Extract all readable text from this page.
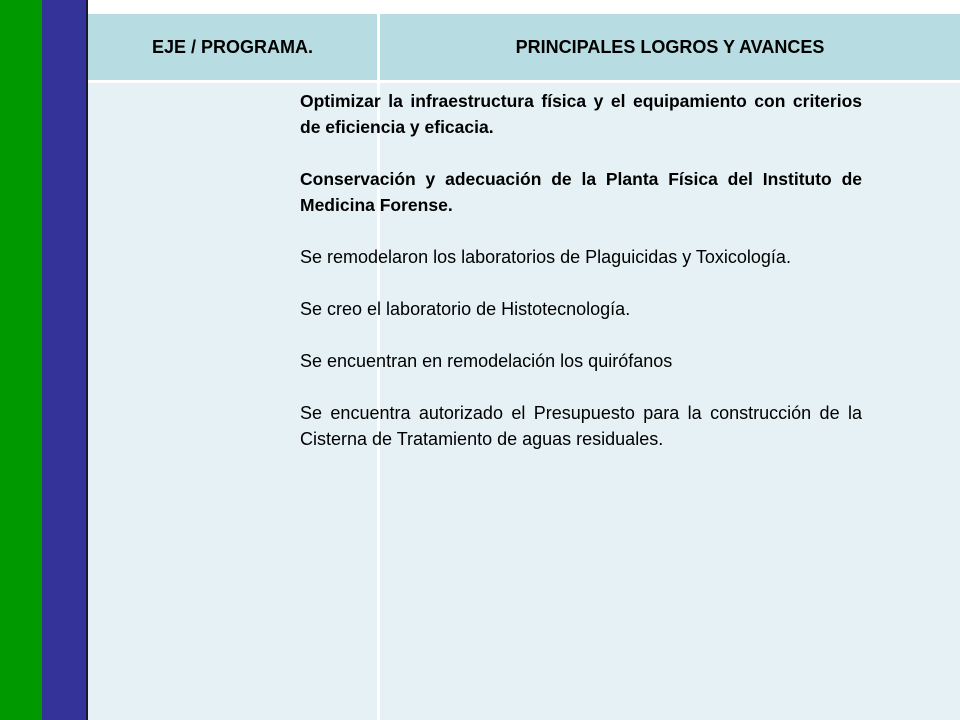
EJE / PROGRAMA.	PRINCIPALES LOGROS Y AVANCES

Optimizar la infraestructura física y el equipamiento con criterios de eficiencia y eficacia.

Conservación y adecuación de la Planta Física del Instituto de Medicina Forense.

Se remodelaron los laboratorios de Plaguicidas y Toxicología.

Se creo el laboratorio de Histotecnología.

Se encuentran en remodelación los quirófanos

Se encuentra autorizado el Presupuesto para la construcción de la Cisterna de Tratamiento de aguas residuales.
